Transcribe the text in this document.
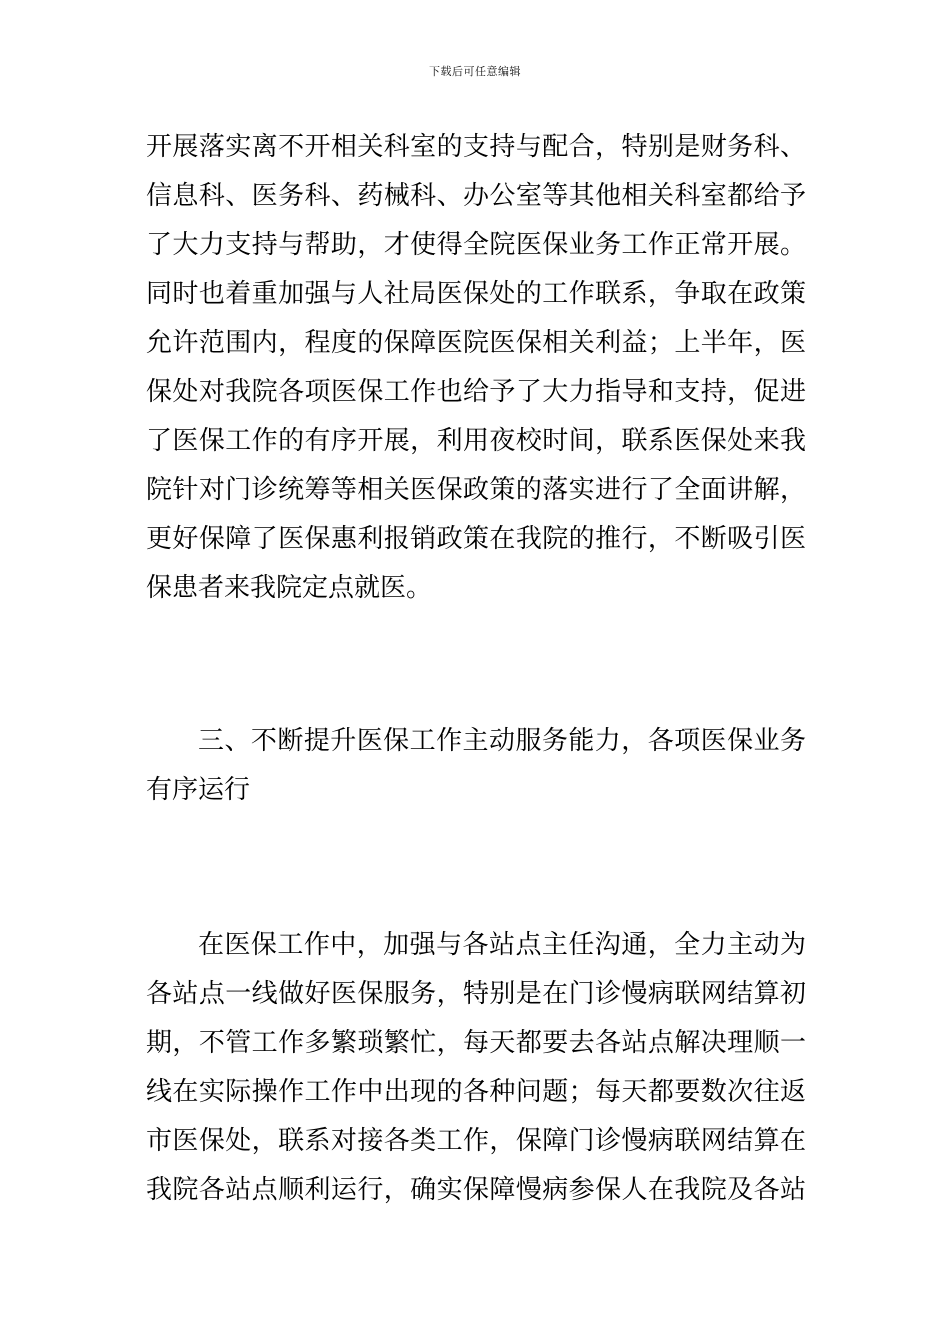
下载后可任意编辑
开展落实离不开相关科室的支持与配合，特别是财务科、
信息科、医务科、药械科、办公室等其他相关科室都给予
了大力支持与帮助，才使得全院医保业务工作正常开展。
同时也着重加强与人社局医保处的工作联系，争取在政策
允许范围内，程度的保障医院医保相关利益；上半年，医
保处对我院各项医保工作也给予了大力指导和支持，促进
了医保工作的有序开展，利用夜校时间，联系医保处来我
院针对门诊统筹等相关医保政策的落实进行了全面讲解，
更好保障了医保惠利报销政策在我院的推行，不断吸引医
保患者来我院定点就医。
三、不断提升医保工作主动服务能力，各项医保业务
有序运行
在医保工作中，加强与各站点主任沟通，全力主动为
各站点一线做好医保服务，特别是在门诊慢病联网结算初
期，不管工作多繁琐繁忙，每天都要去各站点解决理顺一
线在实际操作工作中出现的各种问题；每天都要数次往返
市医保处，联系对接各类工作，保障门诊慢病联网结算在
我院各站点顺利运行，确实保障慢病参保人在我院及各站
